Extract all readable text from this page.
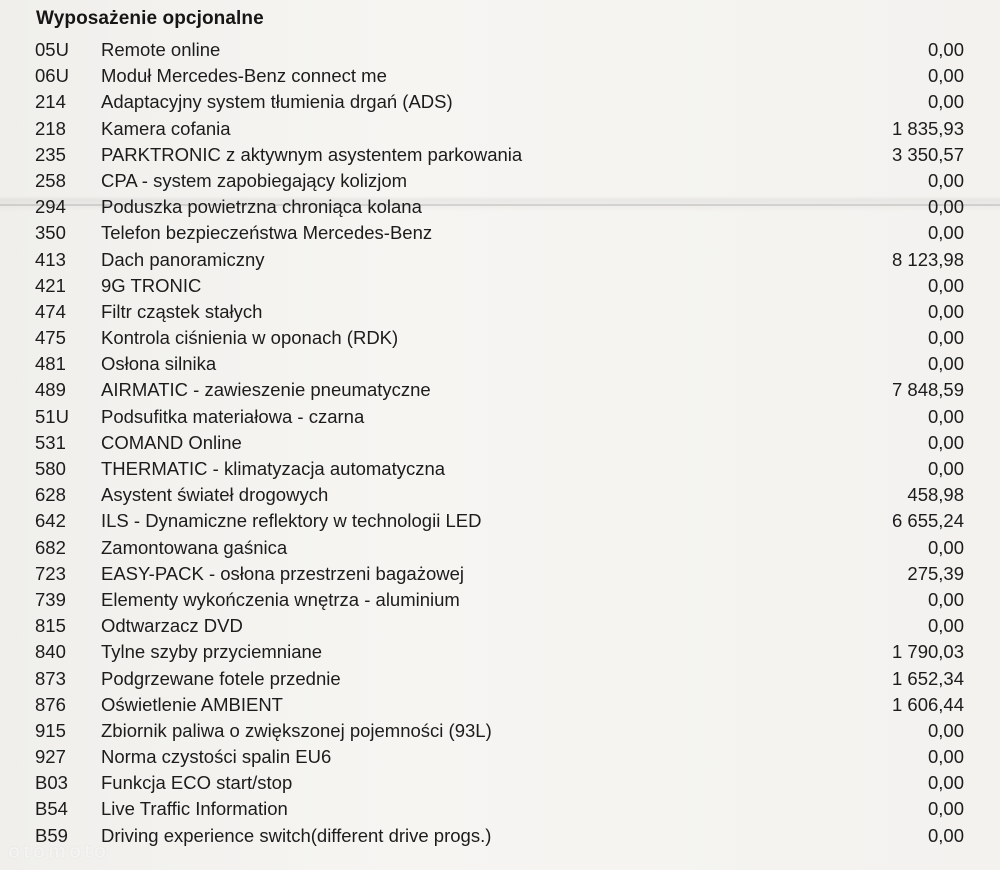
Wyposażenie opcjonalne
05U	Remote online	0,00
06U	Moduł Mercedes-Benz connect me	0,00
214	Adaptacyjny system tłumienia drgań (ADS)	0,00
218	Kamera cofania	1 835,93
235	PARKTRONIC z aktywnym asystentem parkowania	3 350,57
258	CPA - system zapobiegający kolizjom	0,00
294	Poduszka powietrzna chroniąca kolana	0,00
350	Telefon bezpieczeństwa Mercedes-Benz	0,00
413	Dach panoramiczny	8 123,98
421	9G TRONIC	0,00
474	Filtr cząstek stałych	0,00
475	Kontrola ciśnienia w oponach (RDK)	0,00
481	Osłona silnika	0,00
489	AIRMATIC - zawieszenie pneumatyczne	7 848,59
51U	Podsufitka materiałowa - czarna	0,00
531	COMAND Online	0,00
580	THERMATIC - klimatyzacja automatyczna	0,00
628	Asystent świateł drogowych	458,98
642	ILS - Dynamiczne reflektory w technologii LED	6 655,24
682	Zamontowana gaśnica	0,00
723	EASY-PACK - osłona przestrzeni bagażowej	275,39
739	Elementy wykończenia wnętrza - aluminium	0,00
815	Odtwarzacz DVD	0,00
840	Tylne szyby przyciemniane	1 790,03
873	Podgrzewane fotele przednie	1 652,34
876	Oświetlenie AMBIENT	1 606,44
915	Zbiornik paliwa o zwiększonej pojemności (93L)	0,00
927	Norma czystości spalin EU6	0,00
B03	Funkcja ECO start/stop	0,00
B54	Live Traffic Information	0,00
B59	Driving experience switch(different drive progs.)	0,00
otomoto
